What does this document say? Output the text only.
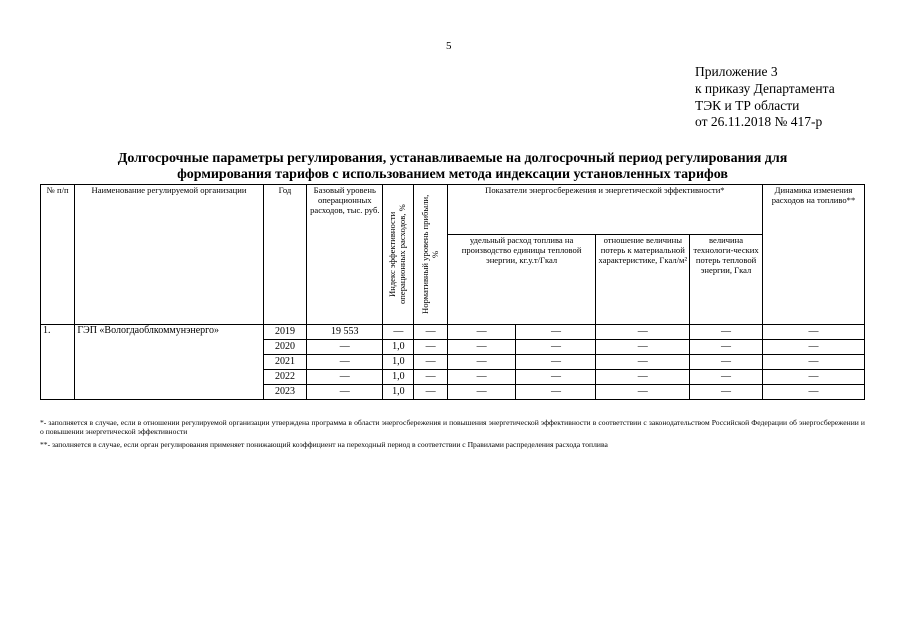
5
Приложение 3
к приказу Департамента
ТЭК и ТР области
от 26.11.2018 № 417-р
Долгосрочные параметры регулирования, устанавливаемые на долгосрочный период регулирования для
формирования тарифов с использованием метода индексации установленных тарифов
№ п/п	Наименование регулируемой организации	Год	Базовый уровень операционных расходов, тыс. руб.	Индекс эффективности операционных расходов, %	Нормативный уровень прибыли, %	Показатели энергосбережения и энергетической эффективности*				Динамика изменения расходов на топливо**
						удельный расход топлива на производство единицы тепловой энергии, кг.у.т/Гкал		отношение величины потерь к материальной характеристике, Гкал/м²	величина технологи-ческих потерь тепловой энергии, Гкал	
1.	ГЭП «Вологдаоблкоммунэнерго»	2019	19 553	—	—	—	—	—	—	—
		2020	—	1,0	—	—	—	—	—	—
		2021	—	1,0	—	—	—	—	—	—
		2022	—	1,0	—	—	—	—	—	—
		2023	—	1,0	—	—	—	—	—	—
*- заполняется в случае, если в отношении регулируемой организации утверждена программа в области энергосбережения и повышения энергетической эффективности в соответствии с законодательством Российской Федерации об энергосбережении и о повышении энергетической эффективности
**- заполняется в случае, если орган регулирования применяет понижающий коэффициент на переходный период в соответствии с Правилами распределения расхода топлива
